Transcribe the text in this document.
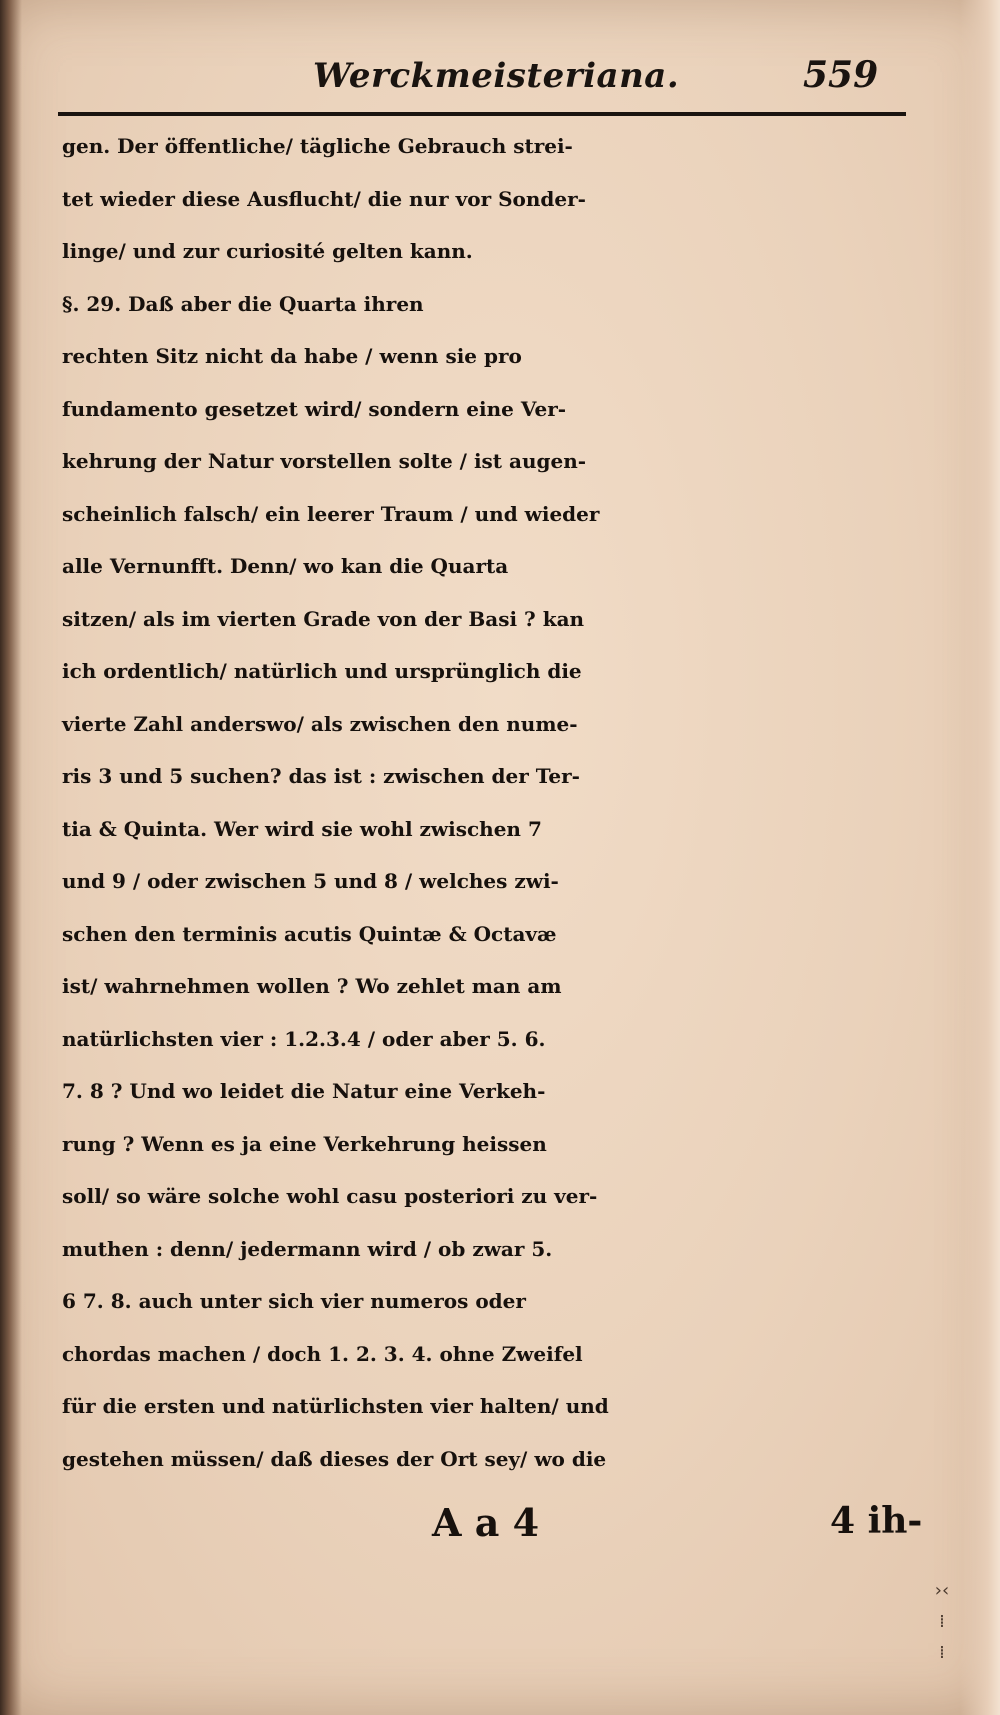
Werckmeisteriana.	559
gen. Der öffentliche/ tägliche Gebrauch strei-
tet wieder diese Ausflucht/ die nur vor Sonder-
linge/ und zur curiosité gelten kann.
§. 29. Daß aber die Quarta ihren
rechten Sitz nicht da habe / wenn sie pro
fundamento gesetzet wird/ sondern eine Ver-
kehrung der Natur vorstellen solte / ist augen-
scheinlich falsch/ ein leerer Traum / und wieder
alle Vernunfft. Denn/ wo kan die Quarta
sitzen/ als im vierten Grade von der Basi ? kan
ich ordentlich/ natürlich und ursprünglich die
vierte Zahl anderswo/ als zwischen den nume-
ris 3 und 5 suchen? das ist : zwischen der Ter-
tia & Quinta. Wer wird sie wohl zwischen 7
und 9 / oder zwischen 5 und 8 / welches zwi-
schen den terminis acutis Quintæ & Octavæ
ist/ wahrnehmen wollen ? Wo zehlet man am
natürlichsten vier : 1.2.3.4 / oder aber 5. 6.
7. 8 ? Und wo leidet die Natur eine Verkeh-
rung ? Wenn es ja eine Verkehrung heissen
soll/ so wäre solche wohl casu posteriori zu ver-
muthen : denn/ jedermann wird / ob zwar 5.
6 7. 8. auch unter sich vier numeros oder
chordas machen / doch 1. 2. 3. 4. ohne Zweifel
für die ersten und natürlichsten vier halten/ und
gestehen müssen/ daß dieses der Ort sey/ wo die
A a 4	4 ih-
›‹
⁞
⁞
